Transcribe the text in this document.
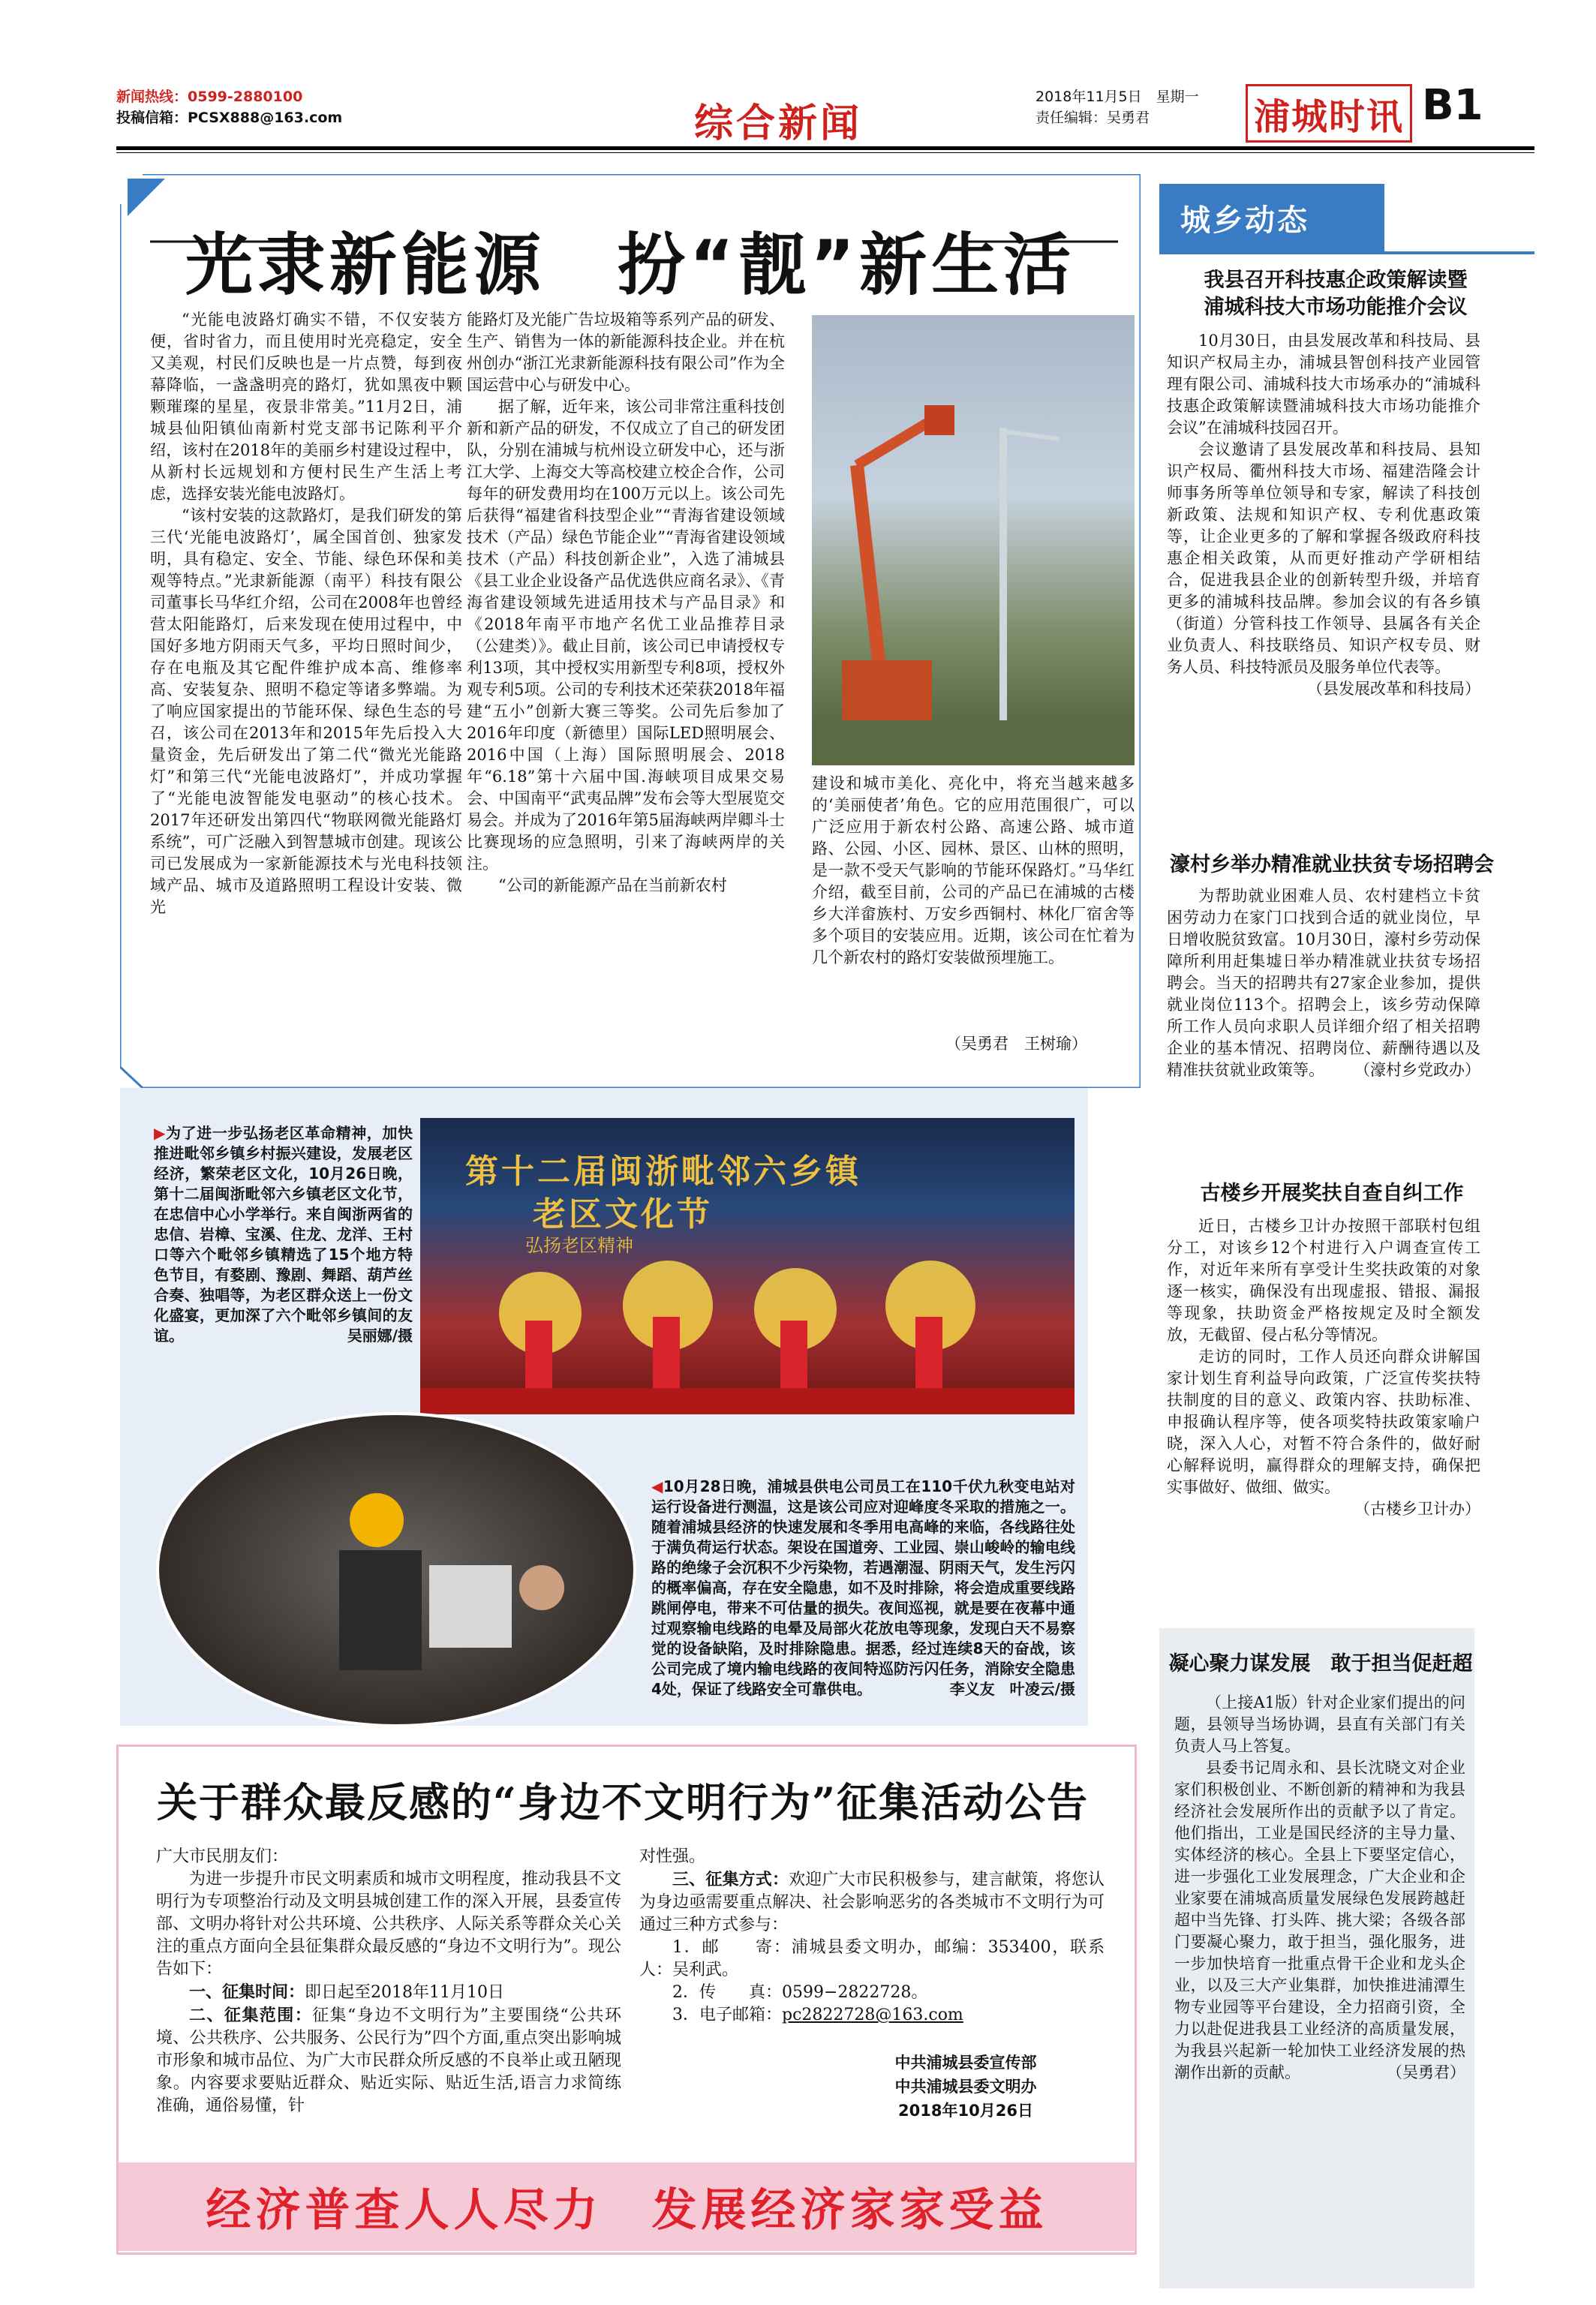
新闻热线：0599-2880100
投稿信箱：PCSX888@163.com	综合新闻
2018年11月5日　星期一
责任编辑：吴勇君	浦城时讯 B1
光隶新能源　扮“靓”新生活

“光能电波路灯确实不错，不仅安装方便，省时省力，而且使用时光亮稳定，安全又美观，村民们反映也是一片点赞，每到夜幕降临，一盏盏明亮的路灯，犹如黑夜中颗颗璀璨的星星，夜景非常美。”11月2日，浦城县仙阳镇仙南新村党支部书记陈利平介绍，该村在2018年的美丽乡村建设过程中，从新村长远规划和方便村民生产生活上考虑，选择安装光能电波路灯。

“该村安装的这款路灯，是我们研发的第三代‘光能电波路灯’，属全国首创、独家发明，具有稳定、安全、节能、绿色环保和美观等特点。”光隶新能源（南平）科技有限公司董事长马华红介绍，公司在2008年也曾经营太阳能路灯，后来发现在使用过程中，中国好多地方阴雨天气多，平均日照时间少，存在电瓶及其它配件维护成本高、维修率高、安装复杂、照明不稳定等诸多弊端。为了响应国家提出的节能环保、绿色生态的号召，该公司在2013年和2015年先后投入大量资金，先后研发出了第二代“微光光能路灯”和第三代“光能电波路灯”，并成功掌握了“光能电波智能发电驱动”的核心技术。2017年还研发出第四代“物联网微光能路灯系统”，可广泛融入到智慧城市创建。现该公司已发展成为一家新能源技术与光电科技领域产品、城市及道路照明工程设计安装、微光

能路灯及光能广告垃圾箱等系列产品的研发、生产、销售为一体的新能源科技企业。并在杭州创办“浙江光隶新能源科技有限公司”作为全国运营中心与研发中心。

据了解，近年来，该公司非常注重科技创新和新产品的研发，不仅成立了自己的研发团队，分别在浦城与杭州设立研发中心，还与浙江大学、上海交大等高校建立校企合作，公司每年的研发费用均在100万元以上。该公司先后获得“福建省科技型企业”“青海省建设领域技术（产品）绿色节能企业”“青海省建设领域技术（产品）科技创新企业”，入选了浦城县《县工业企业设备产品优选供应商名录》、《青海省建设领域先进适用技术与产品目录》和《2018年南平市地产名优工业品推荐目录（公建类）》。截止目前，该公司已申请授权专利13项，其中授权实用新型专利8项，授权外观专利5项。公司的专利技术还荣获2018年福建“五小”创新大赛三等奖。公司先后参加了2016年印度（新德里）国际LED照明展会、2016中国（上海）国际照明展会、2018年“6.18”第十六届中国.海峡项目成果交易会、中国南平“武夷品牌”发布会等大型展览交易会。并成为了2016年第5届海峡两岸卿斗士比赛现场的应急照明，引来了海峡两岸的关注。

“公司的新能源产品在当前新农村

建设和城市美化、亮化中，将充当越来越多的‘美丽使者’角色。它的应用范围很广，可以广泛应用于新农村公路、高速公路、城市道路、公园、小区、园林、景区、山林的照明，是一款不受天气影响的节能环保路灯。”马华红介绍，截至目前，公司的产品已在浦城的古楼乡大洋畲族村、万安乡西铜村、林化厂宿舍等多个项目的安装应用。近期，该公司在忙着为几个新农村的路灯安装做预埋施工。

（吴勇君　王树瑜）
▶为了进一步弘扬老区革命精神，加快推进毗邻乡镇乡村振兴建设，发展老区经济，繁荣老区文化，10月26日晚，第十二届闽浙毗邻六乡镇老区文化节，在忠信中心小学举行。来自闽浙两省的忠信、岩樟、宝溪、住龙、龙洋、王村口等六个毗邻乡镇精选了15个地方特色节目，有婺剧、豫剧、舞蹈、葫芦丝合奏、独唱等，为老区群众送上一份文化盛宴，更加深了六个毗邻乡镇间的友谊。	吴丽娜/摄
第十二届闽浙毗邻六乡镇
老区文化节
弘扬老区精神
◀10月28日晚，浦城县供电公司员工在110千伏九秋变电站对运行设备进行测温，这是该公司应对迎峰度冬采取的措施之一。随着浦城县经济的快速发展和冬季用电高峰的来临，各线路往处于满负荷运行状态。架设在国道旁、工业园、崇山峻岭的输电线路的绝缘子会沉积不少污染物，若遇潮湿、阴雨天气，发生污闪的概率偏高，存在安全隐患，如不及时排除，将会造成重要线路跳闸停电，带来不可估量的损失。夜间巡视，就是要在夜幕中通过观察输电线路的电晕及局部火花放电等现象，发现白天不易察觉的设备缺陷，及时排除隐患。据悉，经过连续8天的奋战，该公司完成了境内输电线路的夜间特巡防污闪任务，消除安全隐患4处，保证了线路安全可靠供电。	李义友　叶凌云/摄
关于群众最反感的“身边不文明行为”征集活动公告
广大市民朋友们：

为进一步提升市民文明素质和城市文明程度，推动我县不文明行为专项整治行动及文明县城创建工作的深入开展，县委宣传部、文明办将针对公共环境、公共秩序、人际关系等群众关心关注的重点方面向全县征集群众最反感的“身边不文明行为”。现公告如下：

一、征集时间：即日起至2018年11月10日

二、征集范围：征集“身边不文明行为”主要围绕“公共环境、公共秩序、公共服务、公民行为”四个方面,重点突出影响城市形象和城市品位、为广大市民群众所反感的不良举止或丑陋现象。内容要求要贴近群众、贴近实际、贴近生活,语言力求简练准确，通俗易懂，针

对性强。

三、征集方式：欢迎广大市民积极参与，建言献策，将您认为身边亟需要重点解决、社会影响恶劣的各类城市不文明行为可通过三种方式参与：

1．邮　　寄：浦城县委文明办，邮编：353400，联系人：吴利武。

2．传　　真：0599−2822728。

3．电子邮箱：pc2822728@163.com

中共浦城县委宣传部
中共浦城县委文明办
2018年10月26日
经济普查人人尽力　发展经济家家受益
城乡动态
我县召开科技惠企政策解读暨
浦城科技大市场功能推介会议

10月30日，由县发展改革和科技局、县知识产权局主办，浦城县智创科技产业园管理有限公司、浦城科技大市场承办的“浦城科技惠企政策解读暨浦城科技大市场功能推介会议”在浦城科技园召开。

会议邀请了县发展改革和科技局、县知识产权局、衢州科技大市场、福建浩隆会计师事务所等单位领导和专家，解读了科技创新政策、法规和知识产权、专利优惠政策等，让企业更多的了解和掌握各级政府科技惠企相关政策，从而更好推动产学研相结合，促进我县企业的创新转型升级，并培育更多的浦城科技品牌。参加会议的有各乡镇（街道）分管科技工作领导、县属各有关企业负责人、科技联络员、知识产权专员、财务人员、科技特派员及服务单位代表等。

（县发展改革和科技局）
濠村乡举办精准就业扶贫专场招聘会

为帮助就业困难人员、农村建档立卡贫困劳动力在家门口找到合适的就业岗位，早日增收脱贫致富。10月30日，濠村乡劳动保障所利用赶集墟日举办精准就业扶贫专场招聘会。当天的招聘共有27家企业参加，提供就业岗位113个。招聘会上，该乡劳动保障所工作人员向求职人员详细介绍了相关招聘企业的基本情况、招聘岗位、薪酬待遇以及精准扶贫就业政策等。	（濠村乡党政办）
古楼乡开展奖扶自查自纠工作

近日，古楼乡卫计办按照干部联村包组分工，对该乡12个村进行入户调查宣传工作，对近年来所有享受计生奖扶政策的对象逐一核实，确保没有出现虚报、错报、漏报等现象，扶助资金严格按规定及时全额发放，无截留、侵占私分等情况。

走访的同时，工作人员还向群众讲解国家计划生育利益导向政策，广泛宣传奖扶特扶制度的目的意义、政策内容、扶助标准、申报确认程序等，使各项奖特扶政策家喻户晓，深入人心，对暂不符合条件的，做好耐心解释说明，赢得群众的理解支持，确保把实事做好、做细、做实。

（古楼乡卫计办）
凝心聚力谋发展　敢于担当促赶超

（上接A1版）针对企业家们提出的问题，县领导当场协调，县直有关部门有关负责人马上答复。

县委书记周永和、县长沈晓文对企业家们积极创业、不断创新的精神和为我县经济社会发展所作出的贡献予以了肯定。他们指出，工业是国民经济的主导力量、实体经济的核心。全县上下要坚定信心，进一步强化工业发展理念，广大企业和企业家要在浦城高质量发展绿色发展跨越赶超中当先锋、打头阵、挑大梁；各级各部门要凝心聚力，敢于担当，强化服务，进一步加快培育一批重点骨干企业和龙头企业，以及三大产业集群，加快推进浦潭生物专业园等平台建设，全力招商引资，全力以赴促进我县工业经济的高质量发展，为我县兴起新一轮加快工业经济发展的热潮作出新的贡献。	（吴勇君）
